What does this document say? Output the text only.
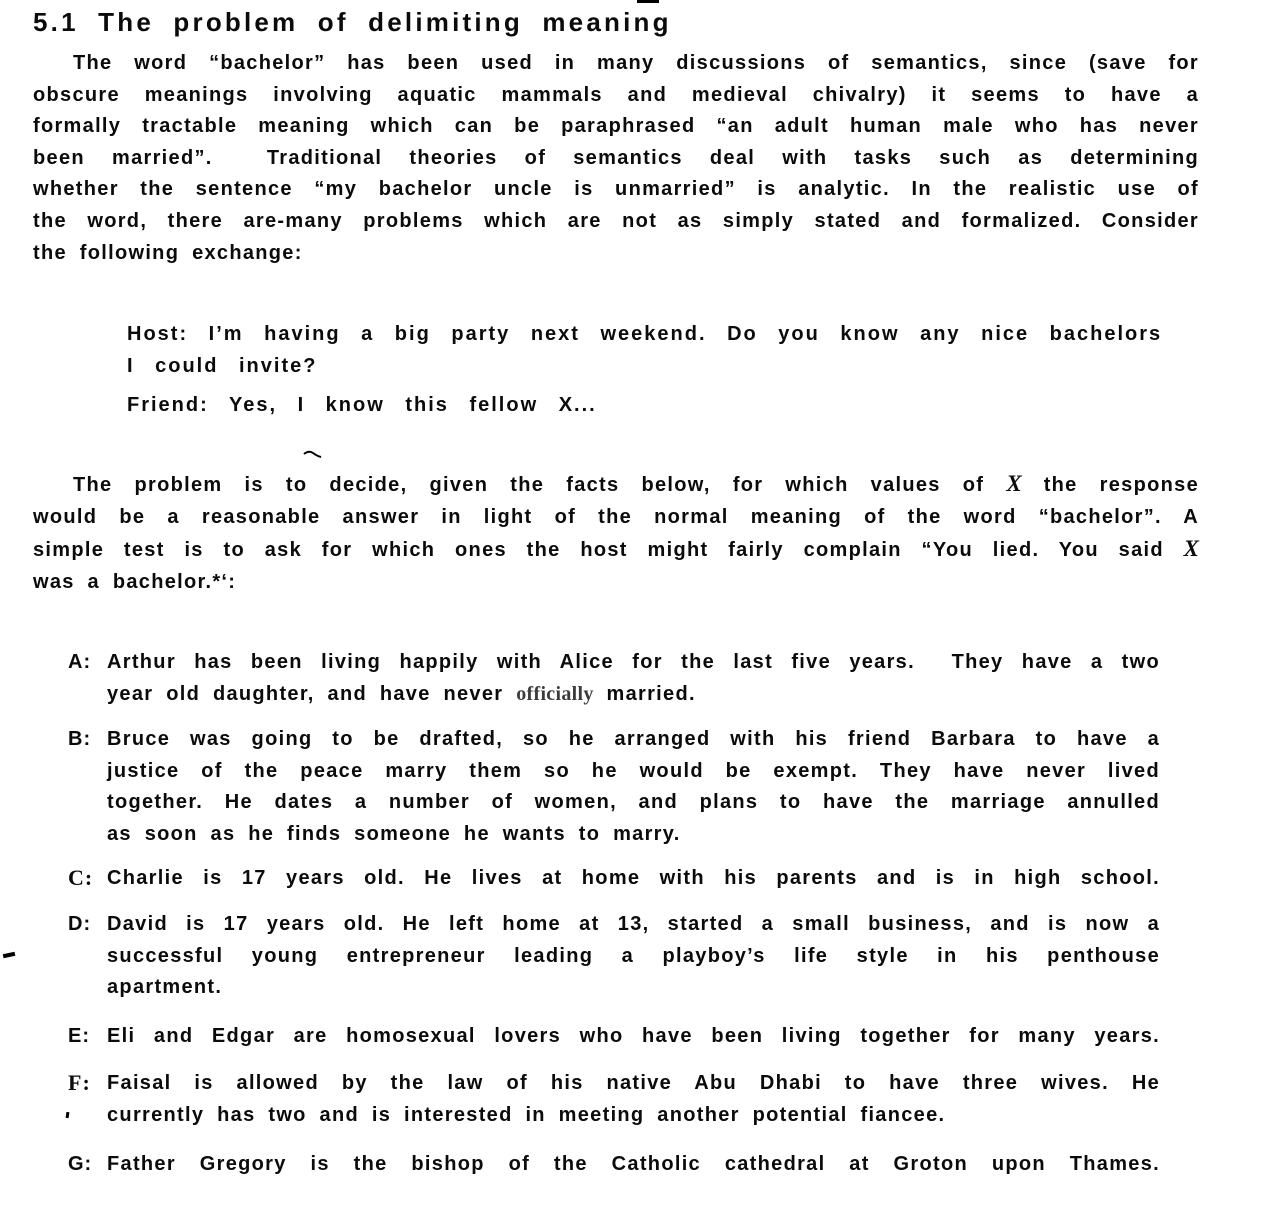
5.1 The problem of delimiting meaning
The word “bachelor” has been used in many discussions of semantics, since (save for
obscure meanings involving aquatic mammals and medieval chivalry) it seems to have a
formally tractable meaning which can be paraphrased “an adult human male who has never
been married”.  Traditional theories of semantics deal with tasks such as determining
whether the sentence “my bachelor uncle is unmarried” is analytic. In the realistic use of
the word, there are-many problems which are not as simply stated and formalized. Consider
the following exchange:
Host: I’m having a big party next weekend. Do you know any nice bachelors
I could invite?
Friend: Yes, I know this fellow X...
The problem is to decide, given the facts below, for which values of X the response
would be a reasonable answer in light of the normal meaning of the word “bachelor”. A
simple test is to ask for which ones the host might fairly complain “You lied. You said X
was a bachelor.*‘:
A: Arthur has been living happily with Alice for the last five years.  They have a two
year old daughter, and have never officially married.
B: Bruce was going to be drafted, so he arranged with his friend Barbara to have a
justice of the peace marry them so he would be exempt. They have never lived
together. He dates a number of women, and plans to have the marriage annulled
as soon as he finds someone he wants to marry.
C: Charlie is 17 years old. He lives at home with his parents and is in high school.
D: David is 17 years old. He left home at 13, started a small business, and is now a
successful young entrepreneur leading a playboy’s life style in his penthouse
apartment.
E: Eli and Edgar are homosexual lovers who have been living together for many years.
F: Faisal is allowed by the law of his native Abu Dhabi to have three wives. He
currently has two and is interested in meeting another potential fiancee.
G: Father Gregory is the bishop of the Catholic cathedral at Groton upon Thames.
